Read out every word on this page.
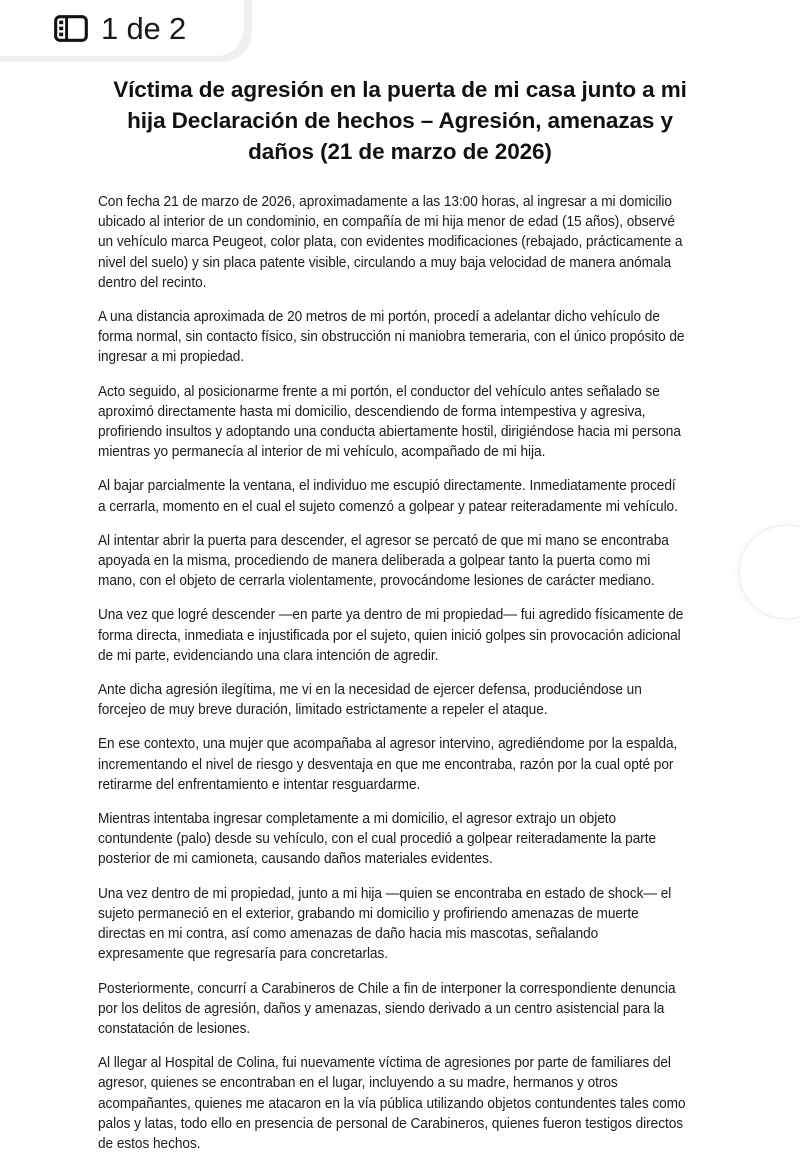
Víctima de agresión en la puerta de mi casa junto a mi hija Declaración de hechos – Agresión, amenazas y daños (21 de marzo de 2026)

Con fecha 21 de marzo de 2026, aproximadamente a las 13:00 horas, al ingresar a mi domicilio ubicado al interior de un condominio, en compañía de mi hija menor de edad (15 años), observé un vehículo marca Peugeot, color plata, con evidentes modificaciones (rebajado, prácticamente a nivel del suelo) y sin placa patente visible, circulando a muy baja velocidad de manera anómala dentro del recinto.

A una distancia aproximada de 20 metros de mi portón, procedí a adelantar dicho vehículo de forma normal, sin contacto físico, sin obstrucción ni maniobra temeraria, con el único propósito de ingresar a mi propiedad.

Acto seguido, al posicionarme frente a mi portón, el conductor del vehículo antes señalado se aproximó directamente hasta mi domicilio, descendiendo de forma intempestiva y agresiva, profiriendo insultos y adoptando una conducta abiertamente hostil, dirigiéndose hacia mi persona mientras yo permanecía al interior de mi vehículo, acompañado de mi hija.

Al bajar parcialmente la ventana, el individuo me escupió directamente. Inmediatamente procedí a cerrarla, momento en el cual el sujeto comenzó a golpear y patear reiteradamente mi vehículo.

Al intentar abrir la puerta para descender, el agresor se percató de que mi mano se encontraba apoyada en la misma, procediendo de manera deliberada a golpear tanto la puerta como mi mano, con el objeto de cerrarla violentamente, provocándome lesiones de carácter mediano.

Una vez que logré descender —en parte ya dentro de mi propiedad— fui agredido físicamente de forma directa, inmediata e injustificada por el sujeto, quien inició golpes sin provocación adicional de mi parte, evidenciando una clara intención de agredir.

Ante dicha agresión ilegítima, me vi en la necesidad de ejercer defensa, produciéndose un forcejeo de muy breve duración, limitado estrictamente a repeler el ataque.

En ese contexto, una mujer que acompañaba al agresor intervino, agrediéndome por la espalda, incrementando el nivel de riesgo y desventaja en que me encontraba, razón por la cual opté por retirarme del enfrentamiento e intentar resguardarme.

Mientras intentaba ingresar completamente a mi domicilio, el agresor extrajo un objeto contundente (palo) desde su vehículo, con el cual procedió a golpear reiteradamente la parte posterior de mi camioneta, causando daños materiales evidentes.

Una vez dentro de mi propiedad, junto a mi hija —quien se encontraba en estado de shock— el sujeto permaneció en el exterior, grabando mi domicilio y profiriendo amenazas de muerte directas en mi contra, así como amenazas de daño hacia mis mascotas, señalando expresamente que regresaría para concretarlas.

Posteriormente, concurrí a Carabineros de Chile a fin de interponer la correspondiente denuncia por los delitos de agresión, daños y amenazas, siendo derivado a un centro asistencial para la constatación de lesiones.

Al llegar al Hospital de Colina, fui nuevamente víctima de agresiones por parte de familiares del agresor, quienes se encontraban en el lugar, incluyendo a su madre, hermanos y otros acompañantes, quienes me atacaron en la vía pública utilizando objetos contundentes tales como palos y latas, todo ello en presencia de personal de Carabineros, quienes fueron testigos directos de estos hechos.

1 de 2
